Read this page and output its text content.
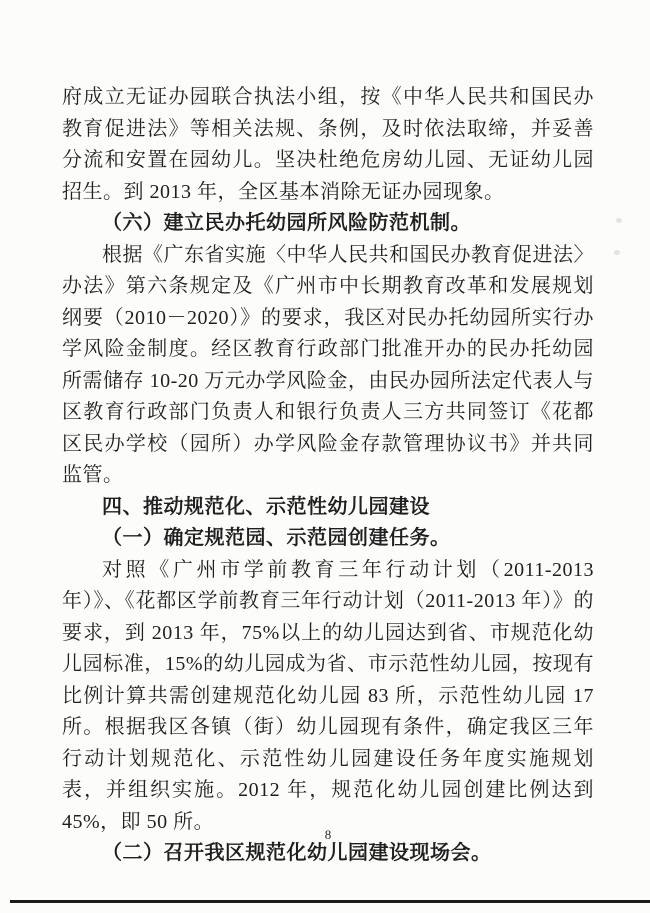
府成立无证办园联合执法小组，按《中华人民共和国民办教育促进法》等相关法规、条例，及时依法取缔，并妥善分流和安置在园幼儿。坚决杜绝危房幼儿园、无证幼儿园招生。到 2013 年，全区基本消除无证办园现象。

（六）建立民办托幼园所风险防范机制。

根据《广东省实施〈中华人民共和国民办教育促进法〉办法》第六条规定及《广州市中长期教育改革和发展规划纲要（2010－2020）》的要求，我区对民办托幼园所实行办学风险金制度。经区教育行政部门批准开办的民办托幼园所需储存 10-20 万元办学风险金，由民办园所法定代表人与区教育行政部门负责人和银行负责人三方共同签订《花都区民办学校（园所）办学风险金存款管理协议书》并共同监管。

四、推动规范化、示范性幼儿园建设

（一）确定规范园、示范园创建任务。

对照《广州市学前教育三年行动计划（2011-2013 年）》、《花都区学前教育三年行动计划（2011-2013 年）》的要求，到 2013 年，75%以上的幼儿园达到省、市规范化幼儿园标准，15%的幼儿园成为省、市示范性幼儿园，按现有比例计算共需创建规范化幼儿园 83 所，示范性幼儿园 17 所。根据我区各镇（街）幼儿园现有条件，确定我区三年行动计划规范化、示范性幼儿园建设任务年度实施规划表，并组织实施。2012 年，规范化幼儿园创建比例达到 45%，即 50 所。

（二）召开我区规范化幼儿园建设现场会。

8
